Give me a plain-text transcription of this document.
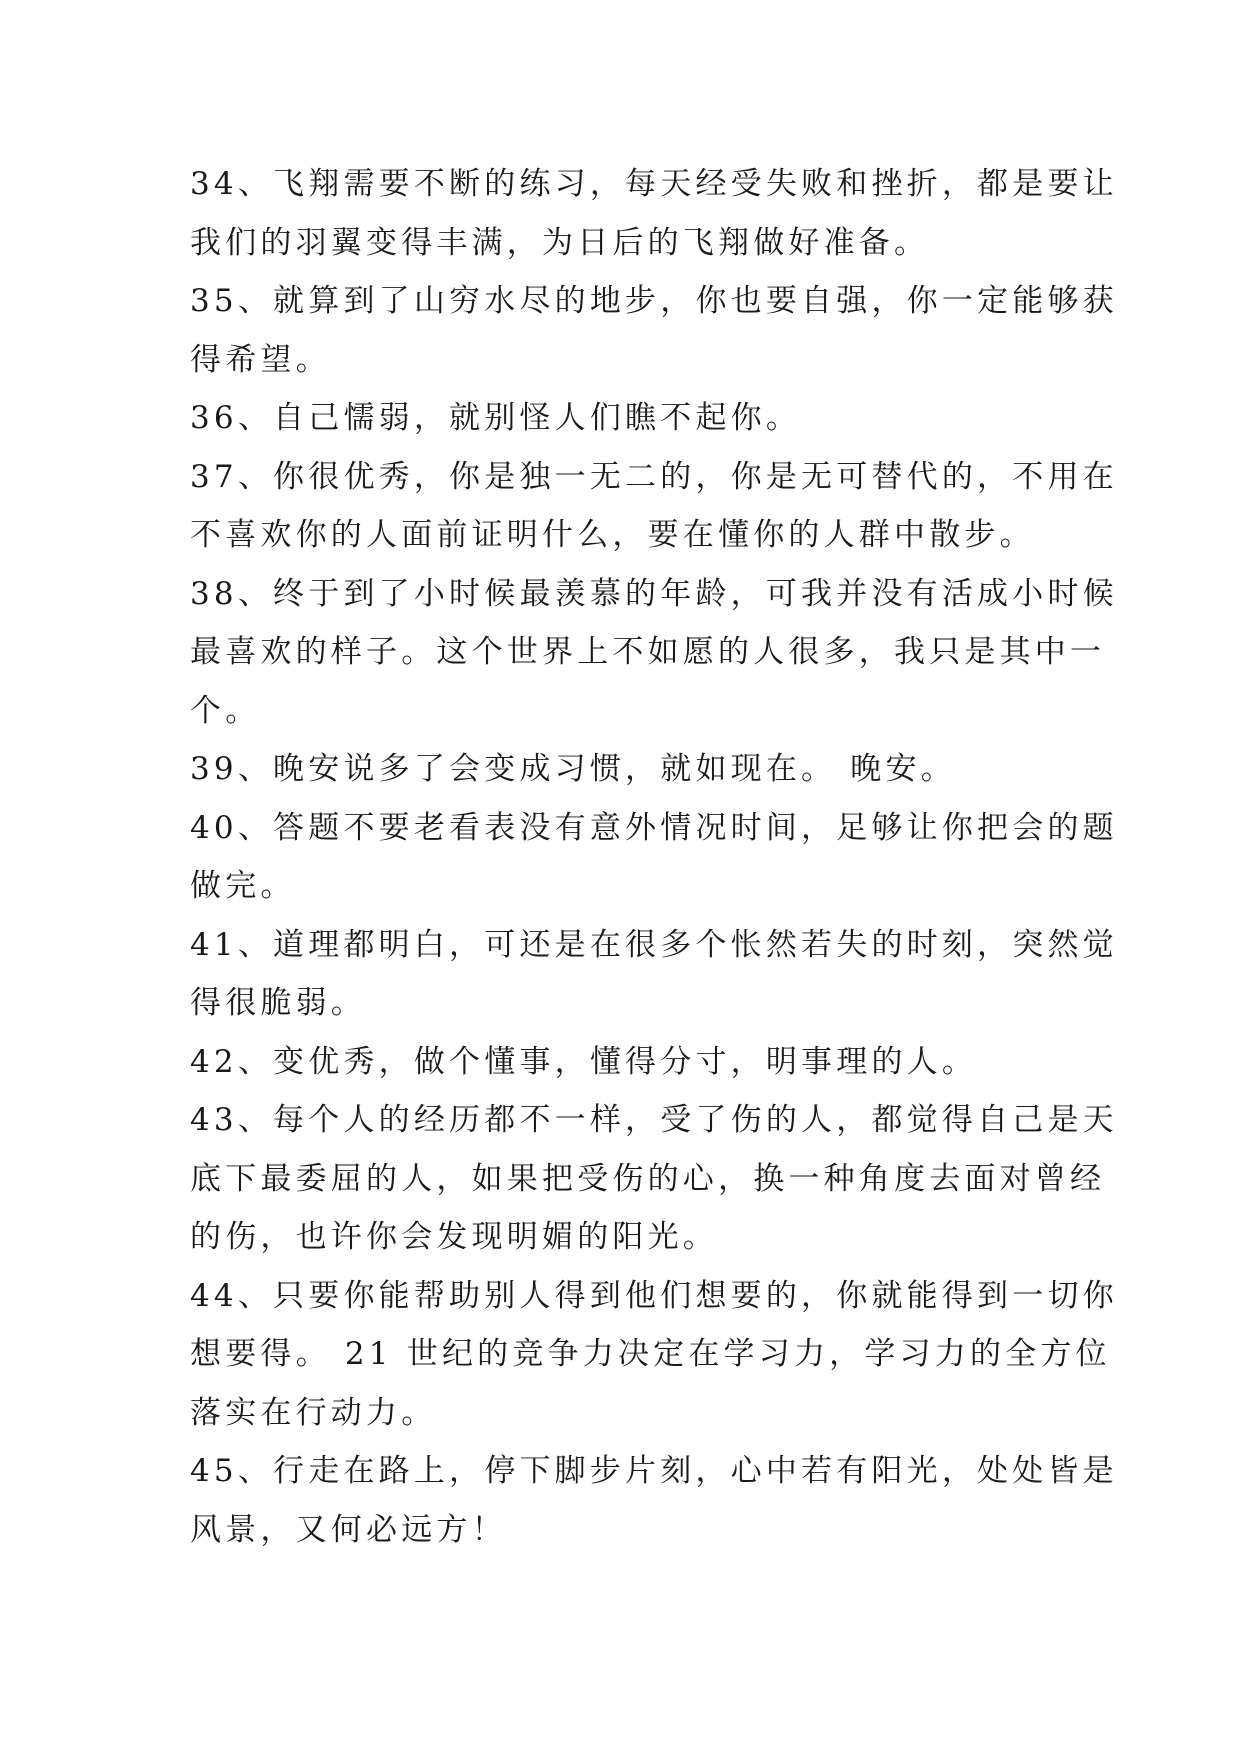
34、飞翔需要不断的练习，每天经受失败和挫折，都是要让
我们的羽翼变得丰满，为日后的飞翔做好准备。
35、就算到了山穷水尽的地步，你也要自强，你一定能够获
得希望。
36、自己懦弱，就别怪人们瞧不起你。
37、你很优秀，你是独一无二的，你是无可替代的，不用在
不喜欢你的人面前证明什么，要在懂你的人群中散步。
38、终于到了小时候最羡慕的年龄，可我并没有活成小时候
最喜欢的样子。这个世界上不如愿的人很多，我只是其中一
个。
39、晚安说多了会变成习惯，就如现在。 晚安。
40、答题不要老看表没有意外情况时间，足够让你把会的题
做完。
41、道理都明白，可还是在很多个怅然若失的时刻，突然觉
得很脆弱。
42、变优秀，做个懂事，懂得分寸，明事理的人。
43、每个人的经历都不一样，受了伤的人，都觉得自己是天
底下最委屈的人，如果把受伤的心，换一种角度去面对曾经
的伤，也许你会发现明媚的阳光。
44、只要你能帮助别人得到他们想要的，你就能得到一切你
想要得。 21 世纪的竞争力决定在学习力，学习力的全方位
落实在行动力。
45、行走在路上，停下脚步片刻，心中若有阳光，处处皆是
风景，又何必远方！
